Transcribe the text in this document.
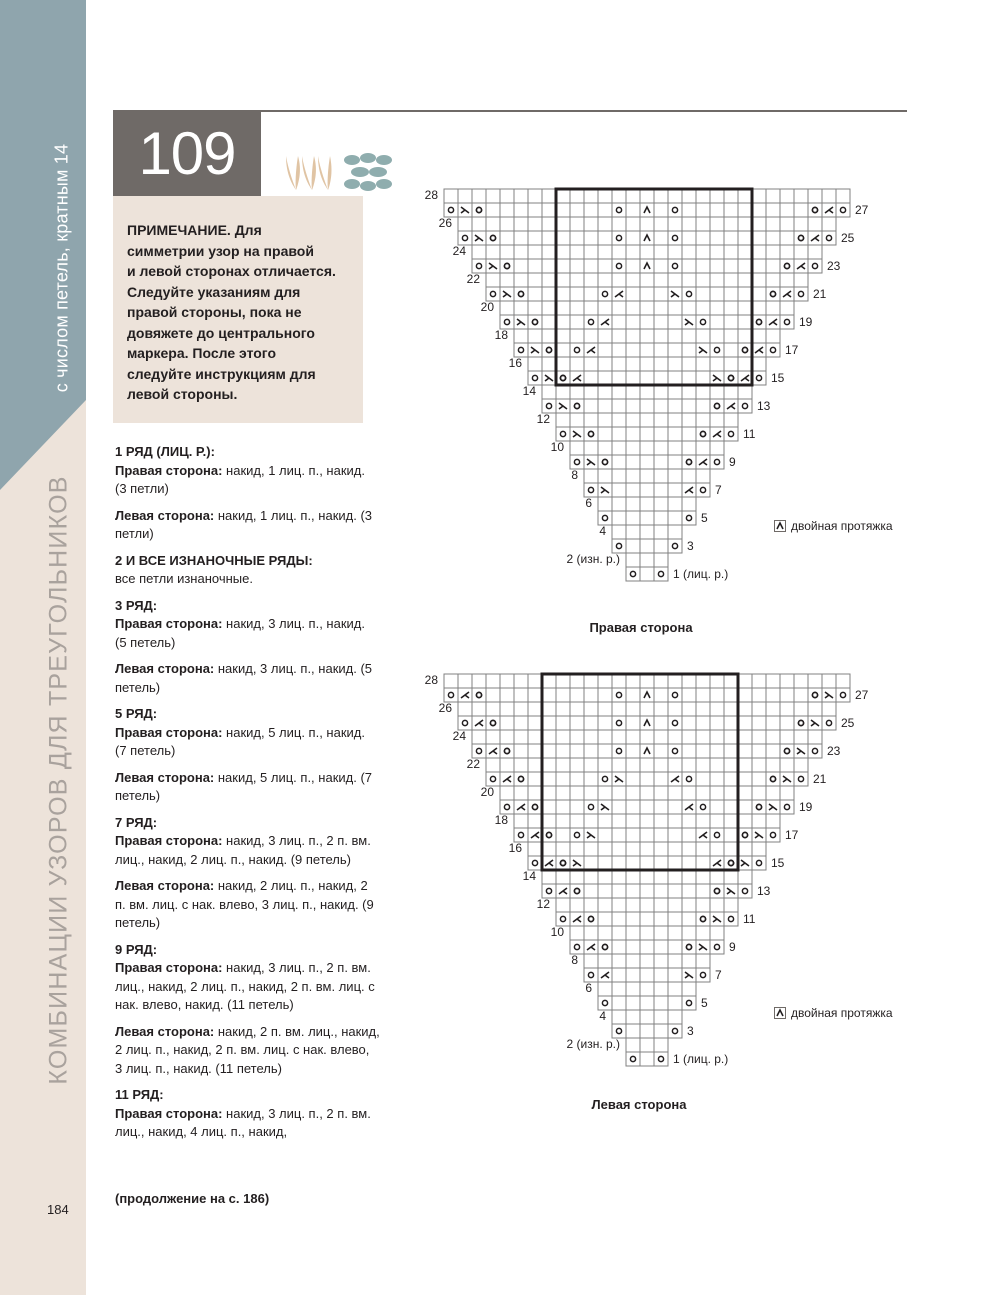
с числом петель, кратным 14
КОМБИНАЦИИ УЗОРОВ ДЛЯ ТРЕУГОЛЬНИКОВ
184
109
ПРИМЕЧАНИЕ. Для
симметрии узор на правой
и левой сторонах отличается.
Следуйте указаниям для
правой стороны, пока не
довяжете до центрального
маркера. После этого
следуйте инструкциям для
левой стороны.

1 РЯД (ЛИЦ. Р.):

Правая сторона: накид, 1 лиц. п., накид. (3 петли)

Левая сторона: накид, 1 лиц. п., накид. (3 петли)

2 И ВСЕ ИЗНАНОЧНЫЕ РЯДЫ:

все петли изнаночные.

3 РЯД:

Правая сторона: накид, 3 лиц. п., накид. (5 петель)

Левая сторона: накид, 3 лиц. п., накид. (5 петель)

5 РЯД:

Правая сторона: накид, 5 лиц. п., накид. (7 петель)

Левая сторона: накид, 5 лиц. п., накид. (7 петель)

7 РЯД:

Правая сторона: накид, 3 лиц. п., 2 п. вм. лиц., накид, 2 лиц. п., накид. (9 петель)

Левая сторона: накид, 2 лиц. п., накид, 2 п. вм. лиц. с нак. влево, 3 лиц. п., накид. (9 петель)

9 РЯД:

Правая сторона: накид, 3 лиц. п., 2 п. вм. лиц., накид, 2 лиц. п., накид, 2 п. вм. лиц. с нак. влево, накид. (11 петель)

Левая сторона: накид, 2 п. вм. лиц., накид, 2 лиц. п., накид, 2 п. вм. лиц. с нак. влево, 3 лиц. п., накид. (11 петель)

11 РЯД:

Правая сторона: накид, 3 лиц. п., 2 п. вм. лиц., накид, 4 лиц. п., накид,

(продолжение на с. 186)
28
26
24
22
20
18
16
14
12
10
8
6
4
27
25
23
21
19
17
15
13
11
9
7
5
3
2 (изн. р.)
1 (лиц. р.)
Правая сторона
двойная протяжка
28
26
24
22
20
18
16
14
12
10
8
6
4
27
25
23
21
19
17
15
13
11
9
7
5
3
2 (изн. р.)
1 (лиц. р.)
Левая сторона
двойная протяжка
